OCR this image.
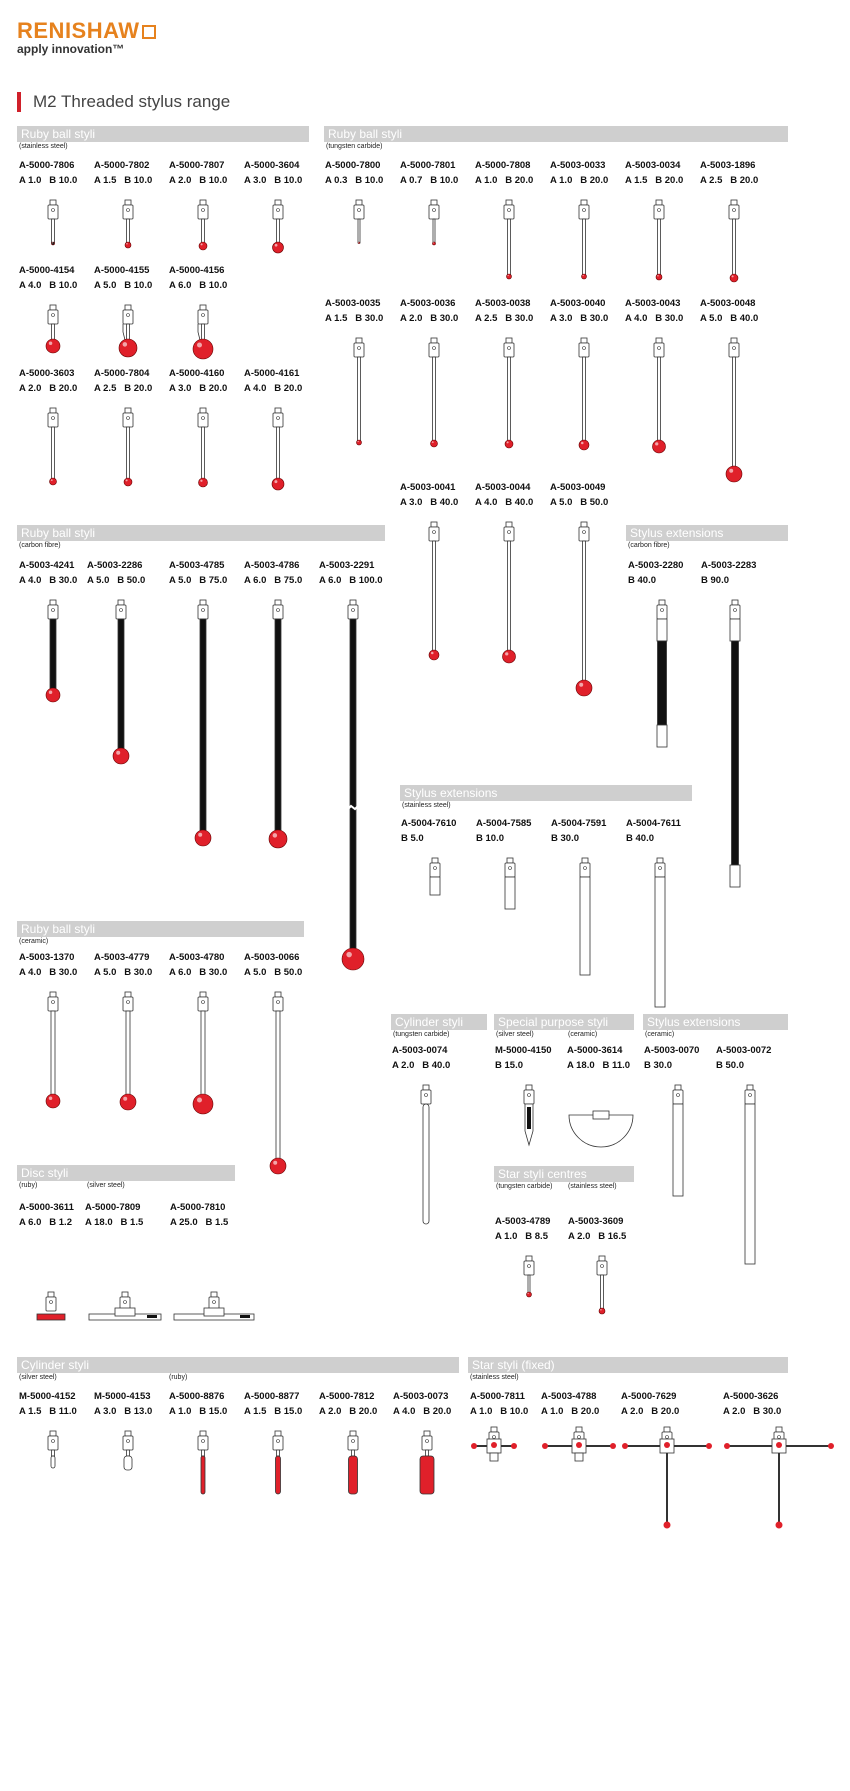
RENISHAW
apply innovation™
M2 Threaded stylus range
Ruby ball styli
(stainless steel)
Ruby ball styli
(tungsten carbide)
Ruby ball styli
(carbon fibre)
Stylus extensions
(carbon fibre)
Stylus extensions
(stainless steel)
Ruby ball styli
(ceramic)
Cylinder styli
(tungsten carbide)
Special purpose styli
(silver steel)	(ceramic)
Stylus extensions
(ceramic)
Disc styli
(ruby)	(silver steel)
Star styli centres
(tungsten carbide) (stainless steel)
Cylinder styli
(silver steel)	(ruby)
Star styli (fixed)
(stainless steel)
A-5000-7806
A 1.0   B 10.0
A-5000-7802
A 1.5   B 10.0
A-5000-7807
A 2.0   B 10.0
A-5000-3604
A 3.0   B 10.0
A-5000-4154
A 4.0   B 10.0
A-5000-4155
A 5.0   B 10.0
A-5000-4156
A 6.0   B 10.0
A-5000-3603
A 2.0   B 20.0
A-5000-7804
A 2.5   B 20.0
A-5000-4160
A 3.0   B 20.0
A-5000-4161
A 4.0   B 20.0
A-5000-7800
A 0.3   B 10.0
A-5000-7801
A 0.7   B 10.0
A-5000-7808
A 1.0   B 20.0
A-5003-0033
A 1.0   B 20.0
A-5003-0034
A 1.5   B 20.0
A-5003-1896
A 2.5   B 20.0
A-5003-0035
A 1.5   B 30.0
A-5003-0036
A 2.0   B 30.0
A-5003-0038
A 2.5   B 30.0
A-5003-0040
A 3.0   B 30.0
A-5003-0043
A 4.0   B 30.0
A-5003-0048
A 5.0   B 40.0
A-5003-0041
A 3.0   B 40.0
A-5003-0044
A 4.0   B 40.0
A-5003-0049
A 5.0   B 50.0
A-5003-4241
A 4.0   B 30.0
A-5003-2286
A 5.0   B 50.0
A-5003-4785
A 5.0   B 75.0
A-5003-4786
A 6.0   B 75.0
A-5003-2291
A 6.0   B 100.0
A-5003-2280
B 40.0
A-5003-2283
B 90.0
A-5004-7610
B 5.0
A-5004-7585
B 10.0
A-5004-7591
B 30.0
A-5004-7611
B 40.0
A-5003-1370
A 4.0   B 30.0
A-5003-4779
A 5.0   B 30.0
A-5003-4780
A 6.0   B 30.0
A-5003-0066
A 5.0   B 50.0
A-5003-0074
A 2.0   B 40.0
M-5000-4150
B 15.0
A-5000-3614
A 18.0   B 11.0
A-5003-0070
B 30.0
A-5003-0072
B 50.0
A-5000-3611
A 6.0   B 1.2
A-5000-7809
A 18.0   B 1.5
A-5000-7810
A 25.0   B 1.5	A-5003-4789
A 1.0   B 8.5
A-5003-3609
A 2.0   B 16.5
M-5000-4152
A 1.5   B 11.0
M-5000-4153
A 3.0   B 13.0
A-5000-8876
A 1.0   B 15.0
A-5000-8877
A 1.5   B 15.0
A-5000-7812
A 2.0   B 20.0
A-5003-0073
A 4.0   B 20.0
A-5000-7811
A 1.0   B 10.0
A-5003-4788
A 1.0   B 20.0
A-5000-7629
A 2.0   B 20.0
A-5000-3626
A 2.0   B 30.0
